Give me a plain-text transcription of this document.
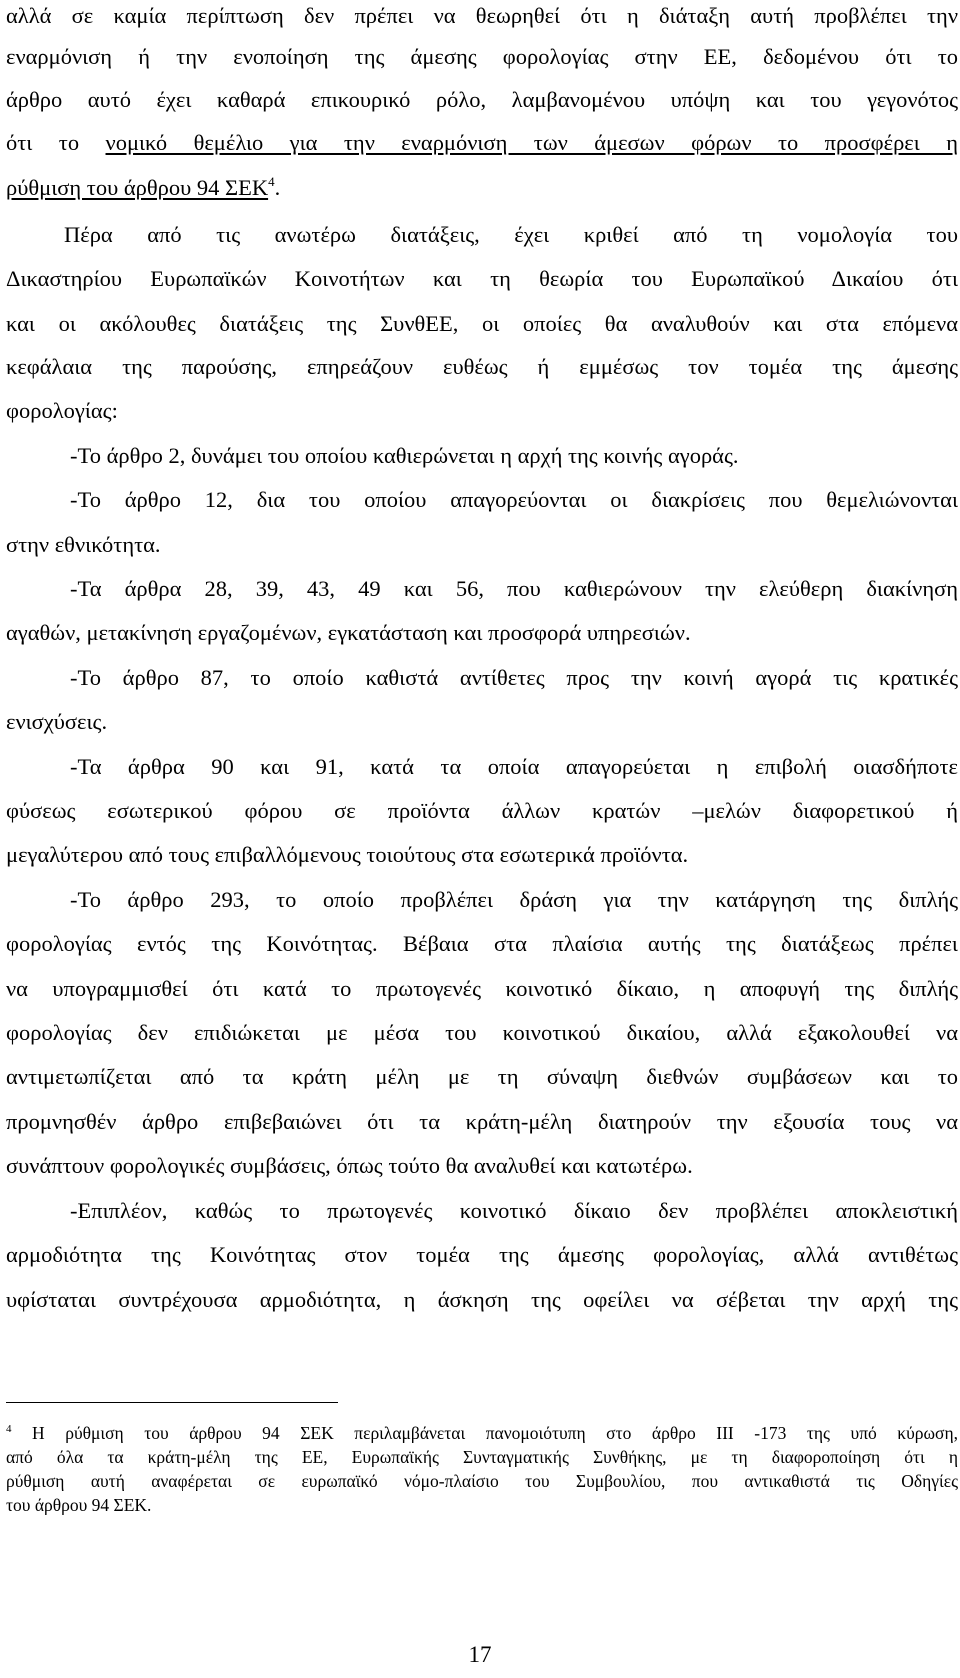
αλλά σε καμία περίπτωση δεν πρέπει να θεωρηθεί ότι η διάταξη αυτή προβλέπει την
εναρμόνιση ή την ενοποίηση της άμεσης φορολογίας στην ΕΕ, δεδομένου ότι το
άρθρο αυτό έχει καθαρά επικουρικό ρόλο, λαμβανομένου υπόψη και του γεγονότος
ότι το νομικό θεμέλιο για την εναρμόνιση των άμεσων φόρων το προσφέρει η
ρύθμιση του άρθρου 94 ΣΕΚ$^4$.
Πέρα από τις ανωτέρω διατάξεις, έχει κριθεί από τη νομολογία του
Δικαστηρίου Ευρωπαϊκών Κοινοτήτων και τη θεωρία του Ευρωπαϊκού Δικαίου ότι
και οι ακόλουθες διατάξεις της ΣυνθΕΕ, οι οποίες θα αναλυθούν και στα επόμενα
κεφάλαια της παρούσης, επηρεάζουν ευθέως ή εμμέσως τον τομέα της άμεσης
φορολογίας:
-Το άρθρο 2, δυνάμει του οποίου καθιερώνεται η αρχή της κοινής αγοράς.
-Το άρθρο 12, δια του οποίου απαγορεύονται οι διακρίσεις που θεμελιώνονται
στην εθνικότητα.
-Τα άρθρα 28, 39, 43, 49 και 56, που καθιερώνουν την ελεύθερη διακίνηση
αγαθών, μετακίνηση εργαζομένων, εγκατάσταση και προσφορά υπηρεσιών.
-Το άρθρο 87, το οποίο καθιστά αντίθετες προς την κοινή αγορά τις κρατικές
ενισχύσεις.
-Τα άρθρα 90 και 91, κατά τα οποία απαγορεύεται η επιβολή οιασδήποτε
φύσεως εσωτερικού φόρου σε προϊόντα άλλων κρατών –μελών διαφορετικού ή
μεγαλύτερου από τους επιβαλλόμενους τοιούτους στα εσωτερικά προϊόντα.
-Το άρθρο 293, το οποίο προβλέπει δράση για την κατάργηση της διπλής
φορολογίας εντός της Κοινότητας. Βέβαια στα πλαίσια αυτής της διατάξεως πρέπει
να υπογραμμισθεί ότι κατά το πρωτογενές κοινοτικό δίκαιο, η αποφυγή της διπλής
φορολογίας δεν επιδιώκεται με μέσα του κοινοτικού δικαίου, αλλά εξακολουθεί να
αντιμετωπίζεται από τα κράτη μέλη με τη σύναψη διεθνών συμβάσεων και το
προμνησθέν άρθρο επιβεβαιώνει ότι τα κράτη-μέλη διατηρούν την εξουσία τους να
συνάπτουν φορολογικές συμβάσεις, όπως τούτο θα αναλυθεί και κατωτέρω.
-Επιπλέον, καθώς το πρωτογενές κοινοτικό δίκαιο δεν προβλέπει αποκλειστική
αρμοδιότητα της Κοινότητας στον τομέα της άμεσης φορολογίας, αλλά αντιθέτως
υφίσταται συντρέχουσα αρμοδιότητα, η άσκηση της οφείλει να σέβεται την αρχή της
$^4$ Η ρύθμιση του άρθρου 94 ΣΕΚ περιλαμβάνεται πανομοιότυπη στο άρθρο ΙΙΙ -173 της υπό κύρωση,
από όλα τα κράτη-μέλη της ΕΕ, Ευρωπαϊκής Συνταγματικής Συνθήκης, με τη διαφοροποίηση ότι η
ρύθμιση αυτή αναφέρεται σε ευρωπαϊκό νόμο-πλαίσιο του Συμβουλίου, που αντικαθιστά τις Οδηγίες
του άρθρου 94 ΣΕΚ.
17
